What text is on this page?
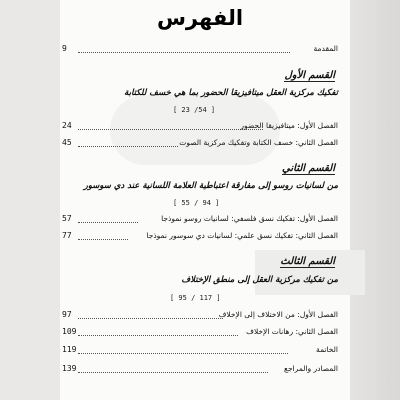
الفهرس
9	المقدمة
القسم الأول
تفكيك مركزية العقل ميتافيزيقا الحضور بما هي خسف للكتابة
[ 23 /54 ]
24	الفصل الأول: ميتافيزيقا الحضور
45	الفصل الثاني: خسف الكتابة وتفكيك مركزية الصوت
القسم الثاني
من لسانيات روسو إلى مفارقة اعتباطية العلامة اللسانية عند دي سوسور
[ 55 / 94 ]
57	الفصل الأول: تفكيك نسق فلسفي: لسانيات روسو نموذجا
77	الفصل الثاني: تفكيك نسق علمي: لسانيات دي سوسور نموذجا
القسم الثالث
من تفكيك مركزية العقل إلى منطق الإختلاف
[ 95 / 117 ]
97	الفصل الأول: من الاختلاف إلى الإخلاف
109	الفصل الثاني: رهانات الإخلاف
119	الخاتمة
139	المصادر والمراجع
